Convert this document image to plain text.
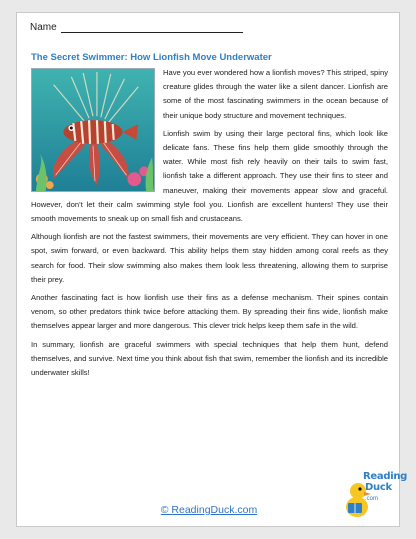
Name
The Secret Swimmer: How Lionfish Move Underwater

Have you ever wondered how a lionfish moves? This striped, spiny creature glides through the water like a silent dancer. Lionfish are some of the most fascinating swimmers in the ocean because of their unique body structure and movement techniques.

Lionfish swim by using their large pectoral fins, which look like delicate fans. These fins help them glide smoothly through the water. While most fish rely heavily on their tails to swim fast, lionfish take a different approach. They use their fins to steer and maneuver, making their movements appear slow and graceful. However, don’t let their calm swimming style fool you. Lionfish are excellent hunters! They use their smooth movements to sneak up on small fish and crustaceans.

Although lionfish are not the fastest swimmers, their movements are very efficient. They can hover in one spot, swim forward, or even backward. This ability helps them stay hidden among coral reefs as they search for food. Their slow swimming also makes them look less threatening, allowing them to surprise their prey.

Another fascinating fact is how lionfish use their fins as a defense mechanism. Their spines contain venom, so other predators think twice before attacking them. By spreading their fins wide, lionfish make themselves appear larger and more dangerous. This clever trick helps keep them safe in the wild.

In summary, lionfish are graceful swimmers with special techniques that help them hunt, defend themselves, and survive. Next time you think about fish that swim, remember the lionfish and its incredible underwater skills!

© ReadingDuck.com
Reading
Duck
.com
